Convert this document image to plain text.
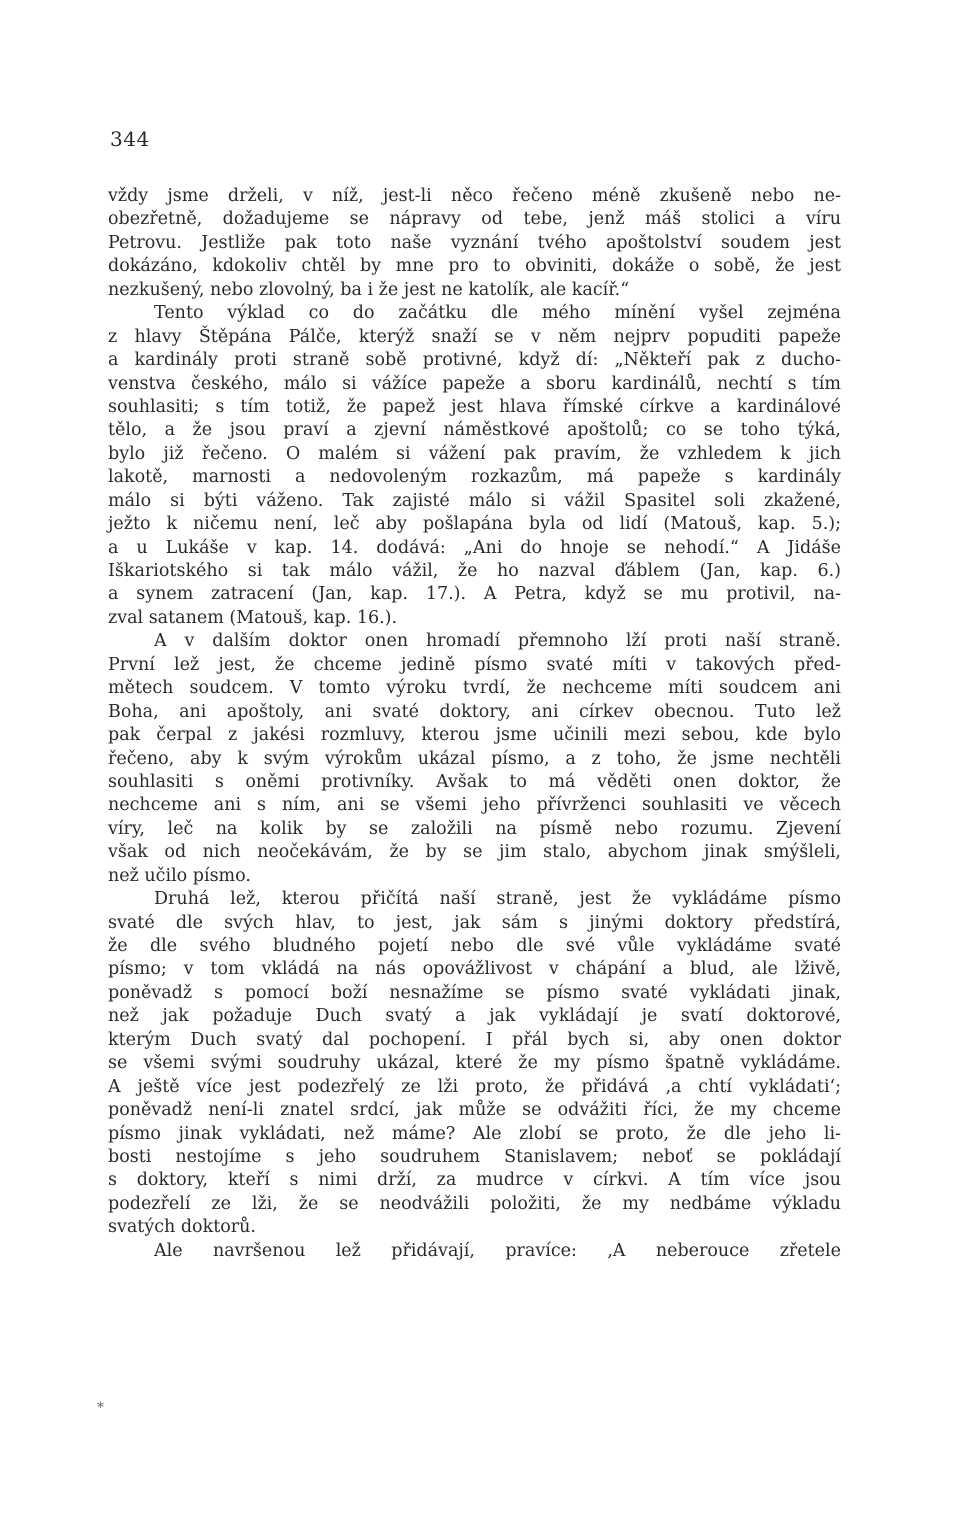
344
vždy jsme drželi, v níž, jest-li něco řečeno méně zkušeně nebo ne-
obezřetně, dožadujeme se nápravy od tebe, jenž máš stolici a víru
Petrovu. Jestliže pak toto naše vyznání tvého apoštolství soudem jest
dokázáno, kdokoliv chtěl by mne pro to obviniti, dokáže o sobě, že jest
nezkušený, nebo zlovolný, ba i že jest ne katolík, ale kacíř.“
Tento výklad co do začátku dle mého mínění vyšel zejména
z hlavy Štěpána Pálče, kterýž snaží se v něm nejprv popuditi papeže
a kardinály proti straně sobě protivné, když dí: „Někteří pak z ducho-
venstva českého, málo si vážíce papeže a sboru kardinálů, nechtí s tím
souhlasiti; s tím totiž, že papež jest hlava římské církve a kardinálové
tělo, a že jsou praví a zjevní náměstkové apoštolů; co se toho týká,
bylo již řečeno. O malém si vážení pak pravím, že vzhledem k jich
lakotě, marnosti a nedovoleným rozkazům, má papeže s kardinály
málo si býti váženo. Tak zajisté málo si vážil Spasitel soli zkažené,
ježto k ničemu není, leč aby pošlapána byla od lidí (Matouš, kap. 5.);
a u Lukáše v kap. 14. dodává: „Ani do hnoje se nehodí.“ A Jidáše
Iškariotského si tak málo vážil, že ho nazval ďáblem (Jan, kap. 6.)
a synem zatracení (Jan, kap. 17.). A Petra, když se mu protivil, na-
zval satanem (Matouš, kap. 16.).
A v dalším doktor onen hromadí přemnoho lží proti naší straně.
První lež jest, že chceme jedině písmo svaté míti v takových před-
mětech soudcem. V tomto výroku tvrdí, že nechceme míti soudcem ani
Boha, ani apoštoly, ani svaté doktory, ani církev obecnou. Tuto lež
pak čerpal z jakési rozmluvy, kterou jsme učinili mezi sebou, kde bylo
řečeno, aby k svým výrokům ukázal písmo, a z toho, že jsme nechtěli
souhlasiti s oněmi protivníky. Avšak to má věděti onen doktor, že
nechceme ani s ním, ani se všemi jeho přívrženci souhlasiti ve věcech
víry, leč na kolik by se založili na písmě nebo rozumu. Zjevení
však od nich neočekávám, že by se jim stalo, abychom jinak smýšleli,
než učilo písmo.
Druhá lež, kterou přičítá naší straně, jest že vykládáme písmo
svaté dle svých hlav, to jest, jak sám s jinými doktory předstírá,
že dle svého bludného pojetí nebo dle své vůle vykládáme svaté
písmo; v tom vkládá na nás opovážlivost v chápání a blud, ale lživě,
poněvadž s pomocí boží nesnažíme se písmo svaté vykládati jinak,
než jak požaduje Duch svatý a jak vykládají je svatí doktorové,
kterým Duch svatý dal pochopení. I přál bych si, aby onen doktor
se všemi svými soudruhy ukázal, které že my písmo špatně vykládáme.
A ještě více jest podezřelý ze lži proto, že přidává ‚a chtí vykládati‘;
poněvadž není-li znatel srdcí, jak může se odvážiti říci, že my chceme
písmo jinak vykládati, než máme? Ale zlobí se proto, že dle jeho li-
bosti nestojíme s jeho soudruhem Stanislavem; neboť se pokládají
s doktory, kteří s nimi drží, za mudrce v církvi. A tím více jsou
podezřelí ze lži, že se neodvážili položiti, že my nedbáme výkladu
svatých doktorů.
Ale navršenou lež přidávají, pravíce: ‚A neberouce zřetele
*
